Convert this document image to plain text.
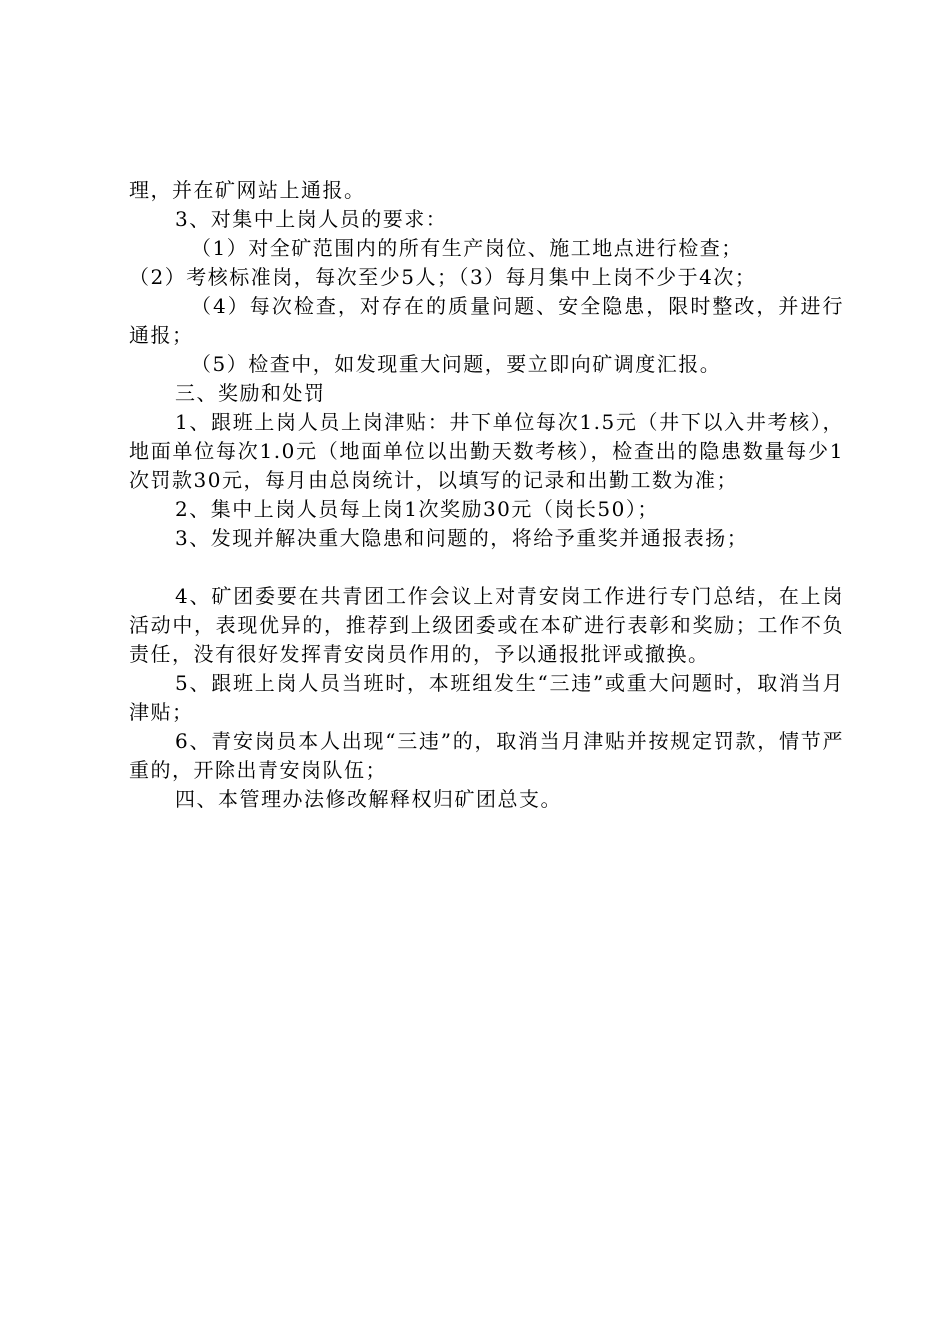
理，并在矿网站上通报。

3、对集中上岗人员的要求：

（1）对全矿范围内的所有生产岗位、施工地点进行检查；

（2）考核标准岗，每次至少5人；（3）每月集中上岗不少于4次；

（4）每次检查，对存在的质量问题、安全隐患，限时整改，并进行通报；

（5）检查中，如发现重大问题，要立即向矿调度汇报。

三、奖励和处罚

1、跟班上岗人员上岗津贴：井下单位每次1.5元（井下以入井考核），地面单位每次1.0元（地面单位以出勤天数考核），检查出的隐患数量每少1次罚款30元，每月由总岗统计，以填写的记录和出勤工数为准；

2、集中上岗人员每上岗1次奖励30元（岗长50）；

3、发现并解决重大隐患和问题的，将给予重奖并通报表扬；

4、矿团委要在共青团工作会议上对青安岗工作进行专门总结，在上岗活动中，表现优异的，推荐到上级团委或在本矿进行表彰和奖励；工作不负责任，没有很好发挥青安岗员作用的，予以通报批评或撤换。

5、跟班上岗人员当班时，本班组发生“三违”或重大问题时，取消当月津贴；

6、青安岗员本人出现“三违”的，取消当月津贴并按规定罚款，情节严重的，开除出青安岗队伍；

四、本管理办法修改解释权归矿团总支。
